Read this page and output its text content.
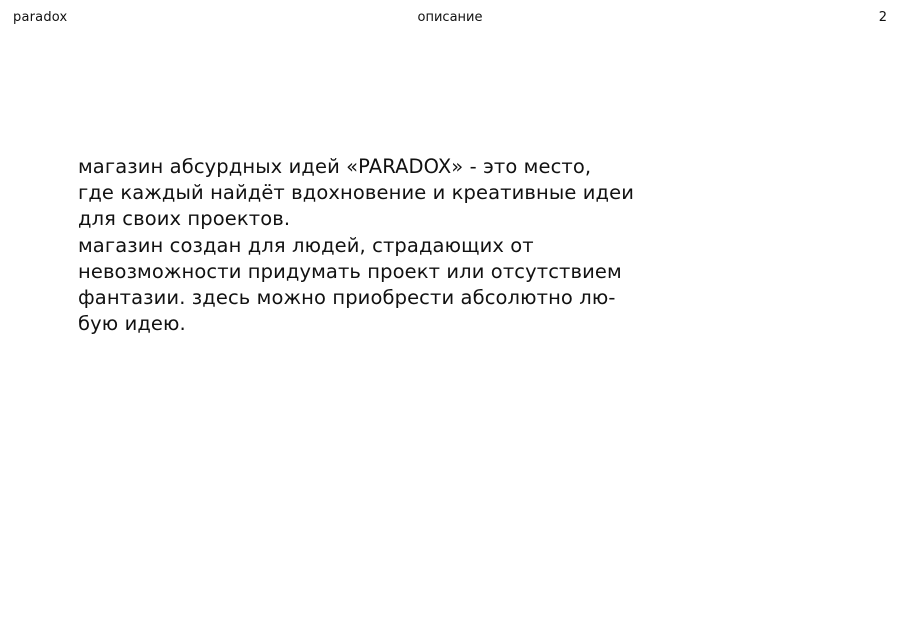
paradox	описание	2
магазин абсурдных идей «PARADOX» - это место,
где каждый найдёт вдохновение и креативные идеи
для своих проектов.
магазин создан для людей, страдающих от
невозможности придумать проект или отсутствием
фантазии. здесь можно приобрести абсолютно лю-
бую идею.
